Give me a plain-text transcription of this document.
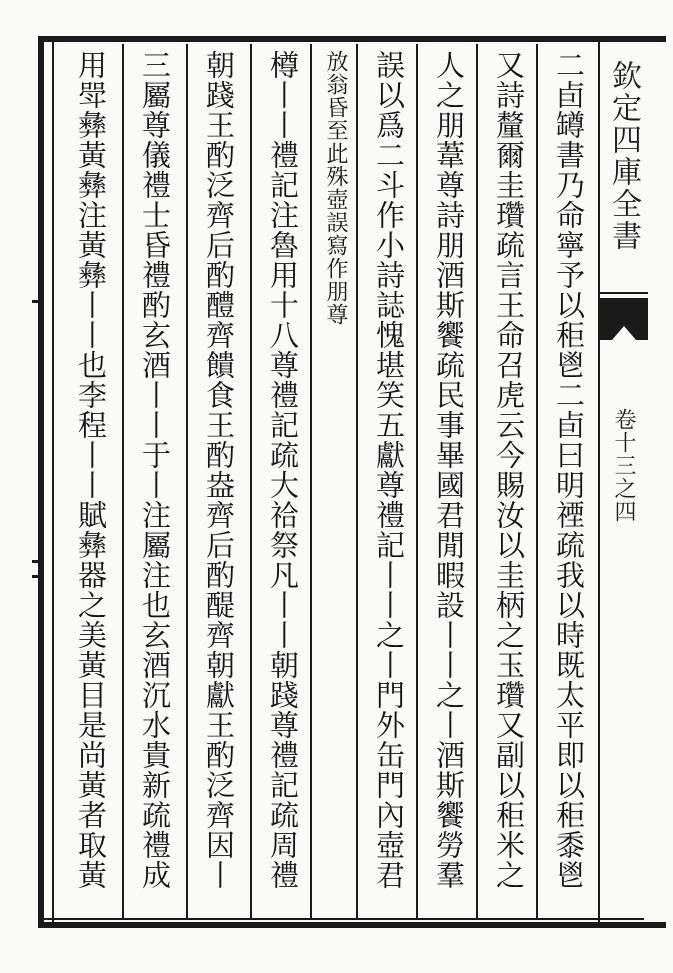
欽定四庫全書
卷十三之四
二卣罇書乃命寧予以秬鬯二卣曰明禋疏我以時既太平即以秬黍鬯
又詩釐爾圭瓚疏言王命召虎云今賜汝以圭柄之玉瓚又副以秬米之
人之朋葦尊詩朋酒斯饗疏民事畢國君閒暇設丨丨之丨酒斯饗勞羣
誤以爲二斗作小詩誌愧堪笑五獻尊禮記丨丨之丨門外缶門內壺君
放翁昏至此殊壺誤寫作朋尊
樽丨丨禮記注魯用十八尊禮記疏大祫祭凡丨丨朝踐尊禮記疏周禮
朝踐王酌泛齊后酌醴齊饋食王酌盎齊后酌醍齊朝獻王酌泛齊因丨
三屬尊儀禮士昏禮酌玄酒丨丨于丨注屬注也玄酒沉水貴新疏禮成
用斝彝黃彝注黃彝丨丨也李程丨丨賦彝器之美黃目是尚黃者取黃
